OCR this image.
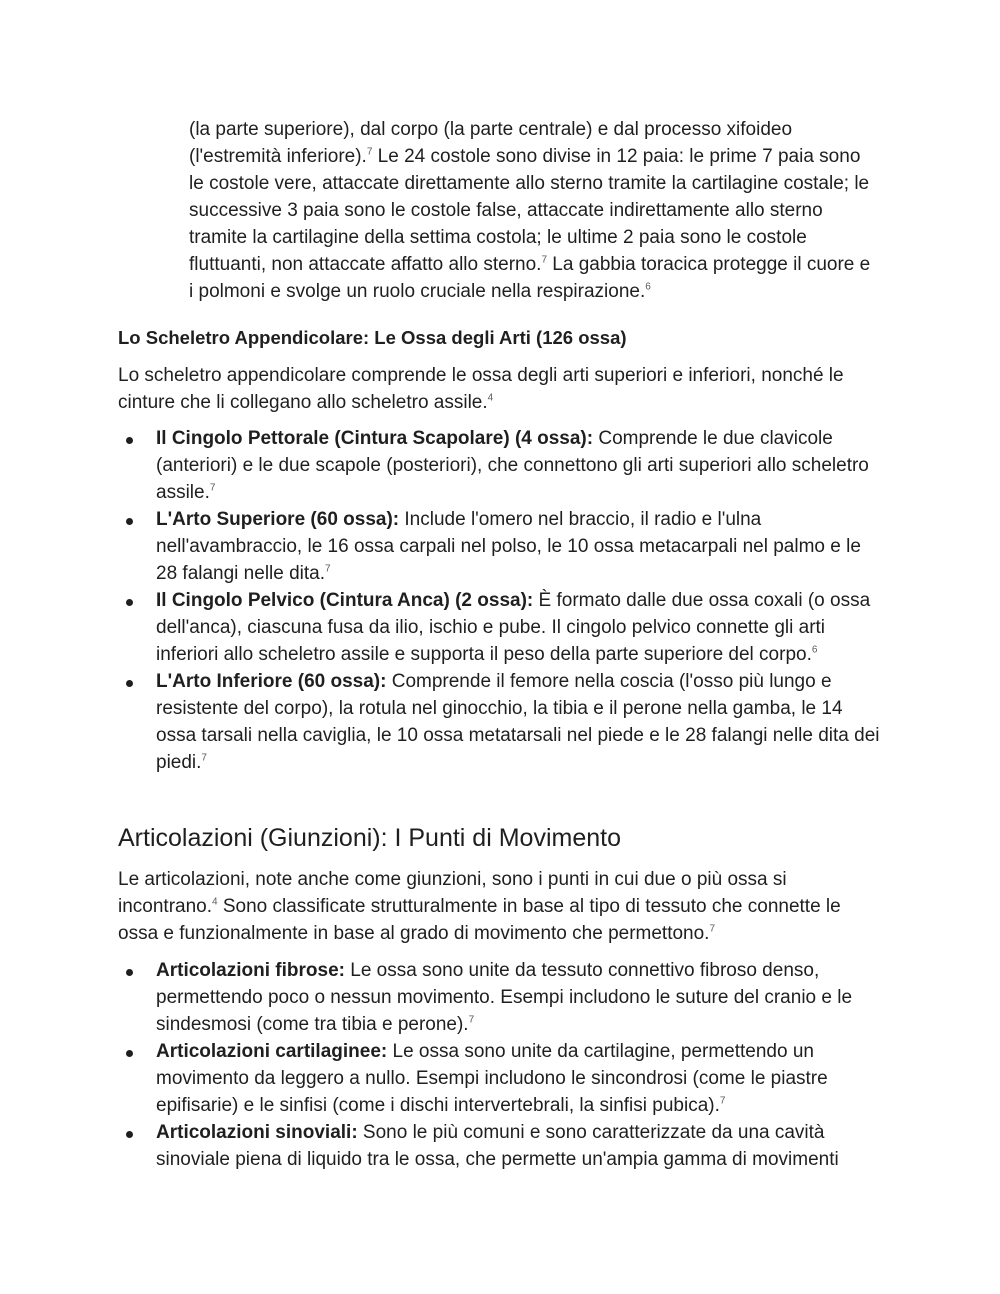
(la parte superiore), dal corpo (la parte centrale) e dal processo xifoideo (l'estremità inferiore).$^7$ Le 24 costole sono divise in 12 paia: le prime 7 paia sono le costole vere, attaccate direttamente allo sterno tramite la cartilagine costale; le successive 3 paia sono le costole false, attaccate indirettamente allo sterno tramite la cartilagine della settima costola; le ultime 2 paia sono le costole fluttuanti, non attaccate affatto allo sterno.$^7$ La gabbia toracica protegge il cuore e i polmoni e svolge un ruolo cruciale nella respirazione.$^6$

Lo Scheletro Appendicolare: Le Ossa degli Arti (126 ossa)

Lo scheletro appendicolare comprende le ossa degli arti superiori e inferiori, nonché le cinture che li collegano allo scheletro assile.$^4$

Il Cingolo Pettorale (Cintura Scapolare) (4 ossa): Comprende le due clavicole (anteriori) e le due scapole (posteriori), che connettono gli arti superiori allo scheletro assile.$^7$
L'Arto Superiore (60 ossa): Include l'omero nel braccio, il radio e l'ulna nell'avambraccio, le 16 ossa carpali nel polso, le 10 ossa metacarpali nel palmo e le 28 falangi nelle dita.$^7$
Il Cingolo Pelvico (Cintura Anca) (2 ossa): È formato dalle due ossa coxali (o ossa dell'anca), ciascuna fusa da ilio, ischio e pube. Il cingolo pelvico connette gli arti inferiori allo scheletro assile e supporta il peso della parte superiore del corpo.$^6$
L'Arto Inferiore (60 ossa): Comprende il femore nella coscia (l'osso più lungo e resistente del corpo), la rotula nel ginocchio, la tibia e il perone nella gamba, le 14 ossa tarsali nella caviglia, le 10 ossa metatarsali nel piede e le 28 falangi nelle dita dei piedi.$^7$
Articolazioni (Giunzioni): I Punti di Movimento

Le articolazioni, note anche come giunzioni, sono i punti in cui due o più ossa si incontrano.$^4$ Sono classificate strutturalmente in base al tipo di tessuto che connette le ossa e funzionalmente in base al grado di movimento che permettono.$^7$

Articolazioni fibrose: Le ossa sono unite da tessuto connettivo fibroso denso, permettendo poco o nessun movimento. Esempi includono le suture del cranio e le sindesmosi (come tra tibia e perone).$^7$
Articolazioni cartilaginee: Le ossa sono unite da cartilagine, permettendo un movimento da leggero a nullo. Esempi includono le sincondrosi (come le piastre epifisarie) e le sinfisi (come i dischi intervertebrali, la sinfisi pubica).$^7$
Articolazioni sinoviali: Sono le più comuni e sono caratterizzate da una cavità sinoviale piena di liquido tra le ossa, che permette un'ampia gamma di movimenti
